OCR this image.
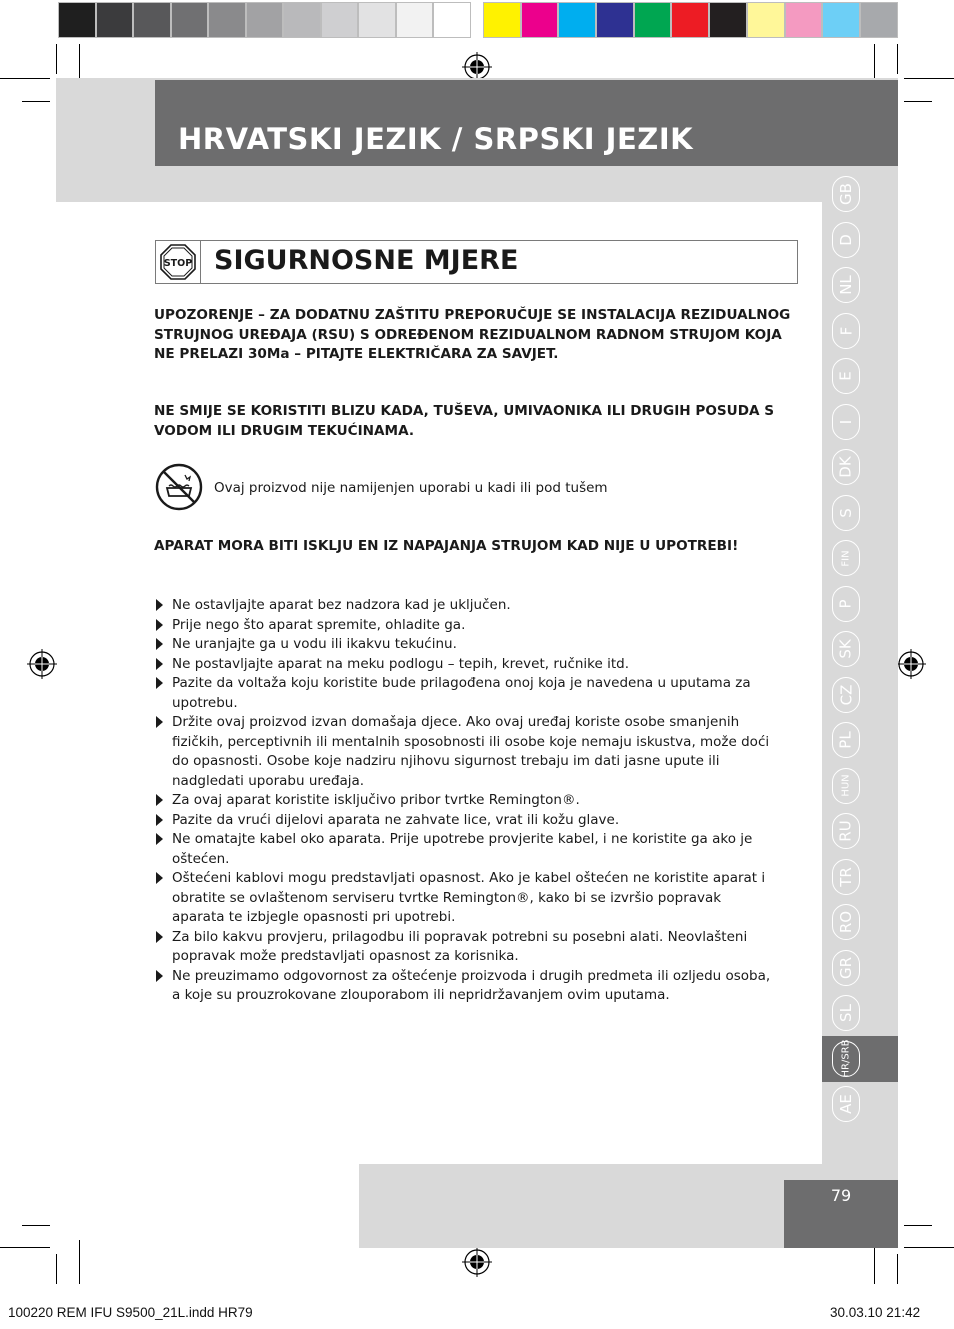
HRVATSKI JEZIK / SRPSKI JEZIK
79
GB
D
NL
F
E
I
DK
S
FIN
P
SK
CZ
PL
HUN
RU
TR
RO
GR
SL
HR/SRB
AE
STOP SIGURNOSNE MJERE
UPOZORENJE – ZA DODATNU ZAŠTITU PREPORUČUJE SE INSTALACIJA REZIDUALNOG STRUJNOG UREĐAJA (RSU) S ODREĐENOM REZIDUALNOM RADNOM STRUJOM KOJA NE PRELAZI 30Ma – PITAJTE ELEKTRIČARA ZA SAVJET.
NE SMIJE SE KORISTITI BLIZU KADA, TUŠEVA, UMIVAONIKA ILI DRUGIH POSUDA S VODOM ILI DRUGIM TEKUĆINAMA.
Ovaj proizvod nije namijenjen uporabi u kadi ili pod tušem
APARAT MORA BITI ISKLJU EN IZ NAPAJANJA STRUJOM KAD NIJE U UPOTREBI!
Ne ostavljajte aparat bez nadzora kad je uključen.
Prije nego što aparat spremite, ohladite ga.
Ne uranjajte ga u vodu ili ikakvu tekućinu.
Ne postavljajte aparat na meku podlogu – tepih, krevet, ručnike itd.
Pazite da voltaža koju koristite bude prilagođena onoj koja je navedena u uputama za upotrebu.
Držite ovaj proizvod izvan domašaja djece. Ako ovaj uređaj koriste osobe smanjenih fizičkih, perceptivnih ili mentalnih sposobnosti ili osobe koje nemaju iskustva, može doći do opasnosti. Osobe koje nadziru njihovu sigurnost trebaju im dati jasne upute ili nadgledati uporabu uređaja.
Za ovaj aparat koristite isključivo pribor tvrtke Remington®.
Pazite da vrući dijelovi aparata ne zahvate lice, vrat ili kožu glave.
Ne omatajte kabel oko aparata. Prije upotrebe provjerite kabel, i ne koristite ga ako je oštećen.
Oštećeni kablovi mogu predstavljati opasnost. Ako je kabel oštećen ne koristite aparat i obratite se ovlaštenom serviseru tvrtke Remington®, kako bi se izvršio popravak aparata te izbjegle opasnosti pri upotrebi.
Za bilo kakvu provjeru, prilagodbu ili popravak potrebni su posebni alati. Neovlašteni popravak može predstavljati opasnost za korisnika.
Ne preuzimamo odgovornost za oštećenje proizvoda i drugih predmeta ili ozljedu osoba, a koje su prouzrokovane zlouporabom ili nepridržavanjem ovim uputama.
100220 REM IFU S9500_21L.indd HR79	30.03.10 21:42
